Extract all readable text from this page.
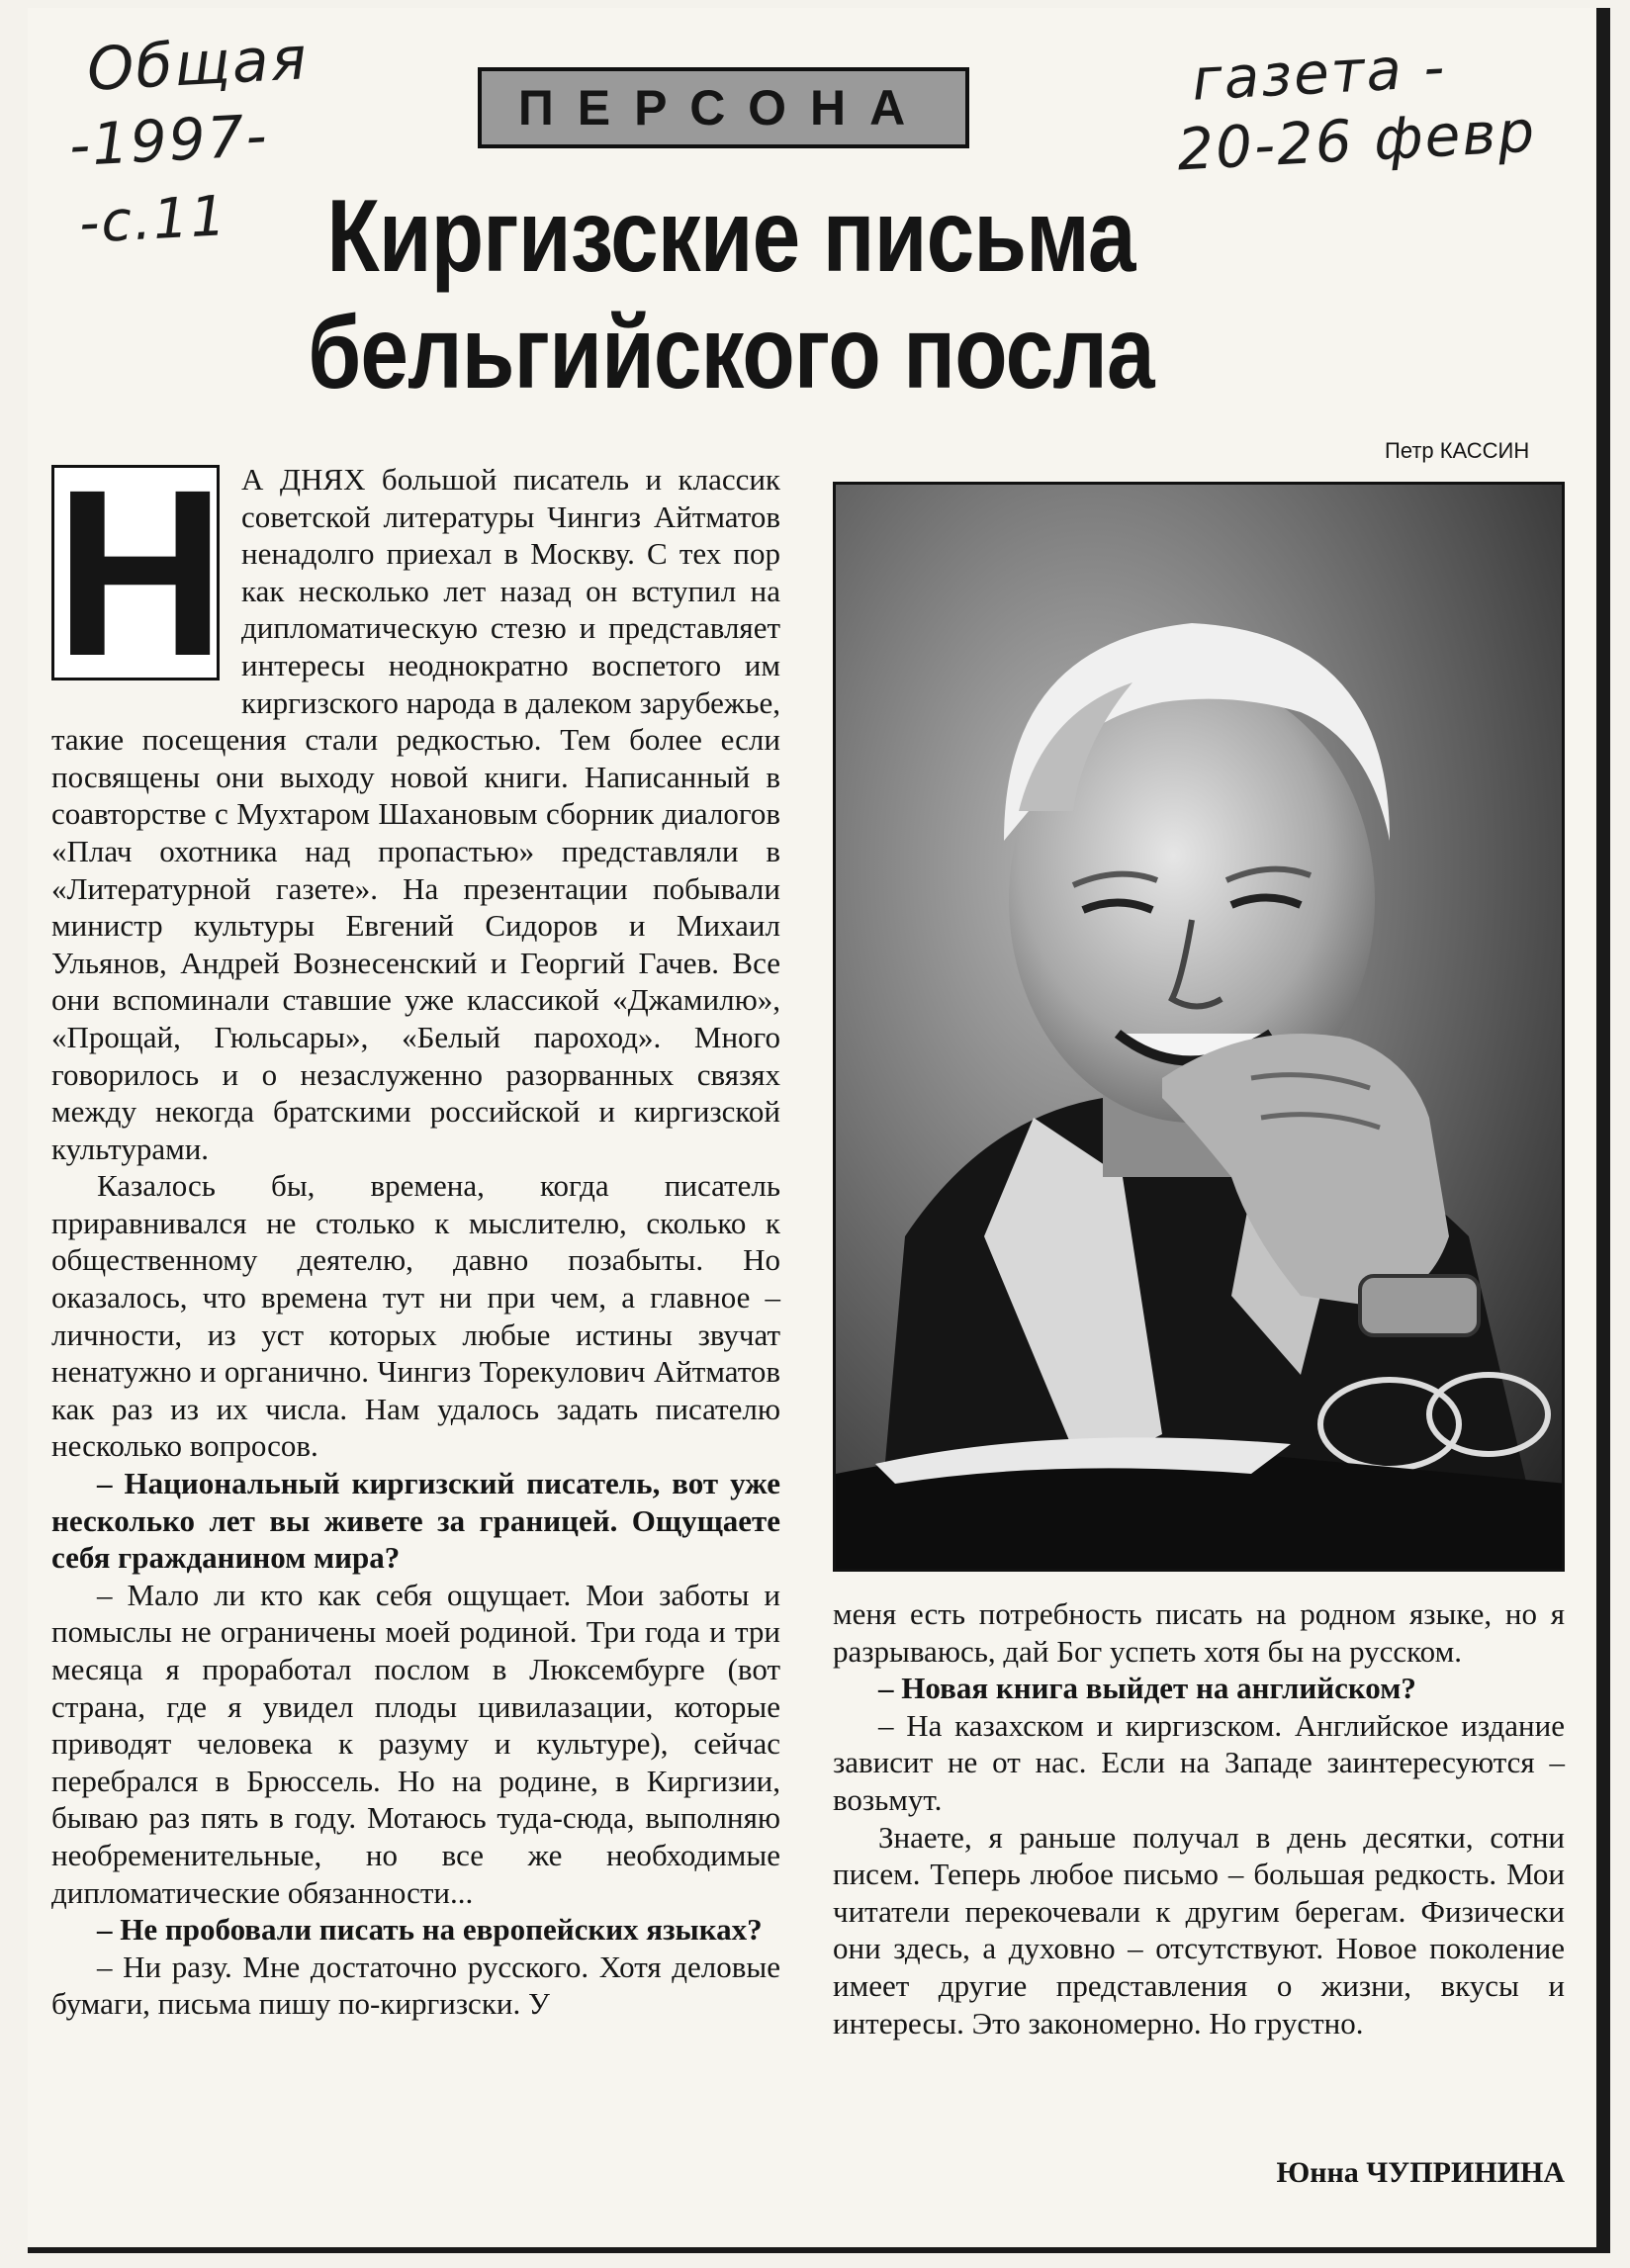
Общая
-1997-
-с.11
газета -
20-26 февр
ПЕРСОНА
Киргизские письма
бельгийского посла
Петр КАССИН
Н А ДНЯХ большой писатель и классик советской литературы Чингиз Айтматов ненадолго приехал в Москву. С тех пор как несколько лет назад он вступил на дипломатическую стезю и представляет интересы неоднократно воспетого им киргизского народа в далеком зарубежье, такие посещения стали редкостью. Тем более если посвящены они выходу новой книги. Написанный в соавторстве с Мухтаром Шахановым сборник диалогов «Плач охотника над пропастью» представляли в «Литературной газете». На презентации побывали министр культуры Евгений Сидоров и Михаил Ульянов, Андрей Вознесенский и Георгий Гачев. Все они вспоминали ставшие уже классикой «Джамилю», «Прощай, Гюльсары», «Белый пароход». Много говорилось и о незаслуженно разорванных связях между некогда братскими российской и киргизской культурами.

Казалось бы, времена, когда писатель приравнивался не столько к мыслителю, сколько к общественному деятелю, давно позабыты. Но оказалось, что времена тут ни при чем, а главное – личности, из уст которых любые истины звучат ненатужно и органично. Чингиз Торекулович Айтматов как раз из их числа. Нам удалось задать писателю несколько вопросов.

– Национальный киргизский писатель, вот уже несколько лет вы живете за границей. Ощущаете себя гражданином мира?

– Мало ли кто как себя ощущает. Мои заботы и помыслы не ограничены моей родиной. Три года и три месяца я проработал послом в Люксембурге (вот страна, где я увидел плоды цивилазации, которые приводят человека к разуму и культуре), сейчас перебрался в Брюссель. Но на родине, в Киргизии, бываю раз пять в году. Мотаюсь туда-сюда, выполняю необременительные, но все же необходимые дипломатические обязанности...

– Не пробовали писать на европейских языках?

– Ни разу. Мне достаточно русского. Хотя деловые бумаги, письма пишу по-киргизски. У

меня есть потребность писать на родном языке, но я разрываюсь, дай Бог успеть хотя бы на русском.

– Новая книга выйдет на английском?

– На казахском и киргизском. Английское издание зависит не от нас. Если на Западе заинтересуются – возьмут.

Знаете, я раньше получал в день десятки, сотни писем. Теперь любое письмо – большая редкость. Мои читатели перекочевали к другим берегам. Физически они здесь, а духовно – отсутствуют. Новое поколение имеет другие представления о жизни, вкусы и интересы. Это закономерно. Но грустно.

Юнна ЧУПРИНИНА
